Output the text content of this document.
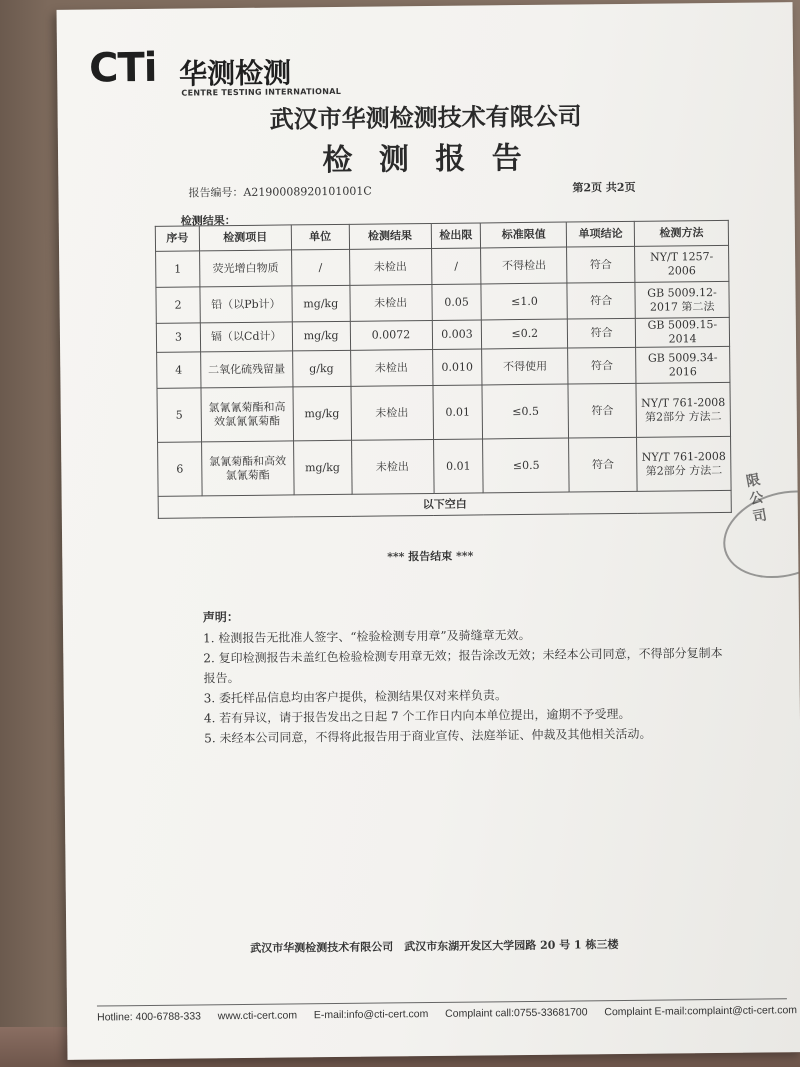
CTi 华测检测
CENTRE TESTING INTERNATIONAL
武汉市华测检测技术有限公司
检 测 报 告
报告编号：A2190008920101001C	第2页 共2页
检测结果：
序号	检测项目	单位	检测结果	检出限	标准限值	单项结论	检测方法
1	荧光增白物质	/	未检出	/	不得检出	符合	NY/T 1257-2006
2	铅（以Pb计）	mg/kg	未检出	0.05	≤1.0	符合	GB 5009.12-2017 第二法
3	镉（以Cd计）	mg/kg	0.0072	0.003	≤0.2	符合	GB 5009.15-2014
4	二氧化硫残留量	g/kg	未检出	0.010	不得使用	符合	GB 5009.34-2016
5	氯氰氰菊酯和高效氯氰氰菊酯	mg/kg	未检出	0.01	≤0.5	符合	NY/T 761-2008 第2部分 方法二
6	氯氰菊酯和高效氯氰菊酯	mg/kg	未检出	0.01	≤0.5	符合	NY/T 761-2008 第2部分 方法二
以下空白							
*** 报告结束 ***
声明：
1. 检测报告无批准人签字、“检验检测专用章”及骑缝章无效。
2. 复印检测报告未盖红色检验检测专用章无效；报告涂改无效；未经本公司同意，不得部分复制本报告。
3. 委托样品信息均由客户提供，检测结果仅对来样负责。
4. 若有异议，请于报告发出之日起 7 个工作日内向本单位提出，逾期不予受理。
5. 未经本公司同意，不得将此报告用于商业宣传、法庭举证、仲裁及其他相关活动。
限公司
武汉市华测检测技术有限公司　武汉市东湖开发区大学园路 20 号 1 栋三楼
Hotline: 400-6788-333 www.cti-cert.com E-mail:info@cti-cert.com Complaint call:0755-33681700 Complaint E-mail:complaint@cti-cert.com
